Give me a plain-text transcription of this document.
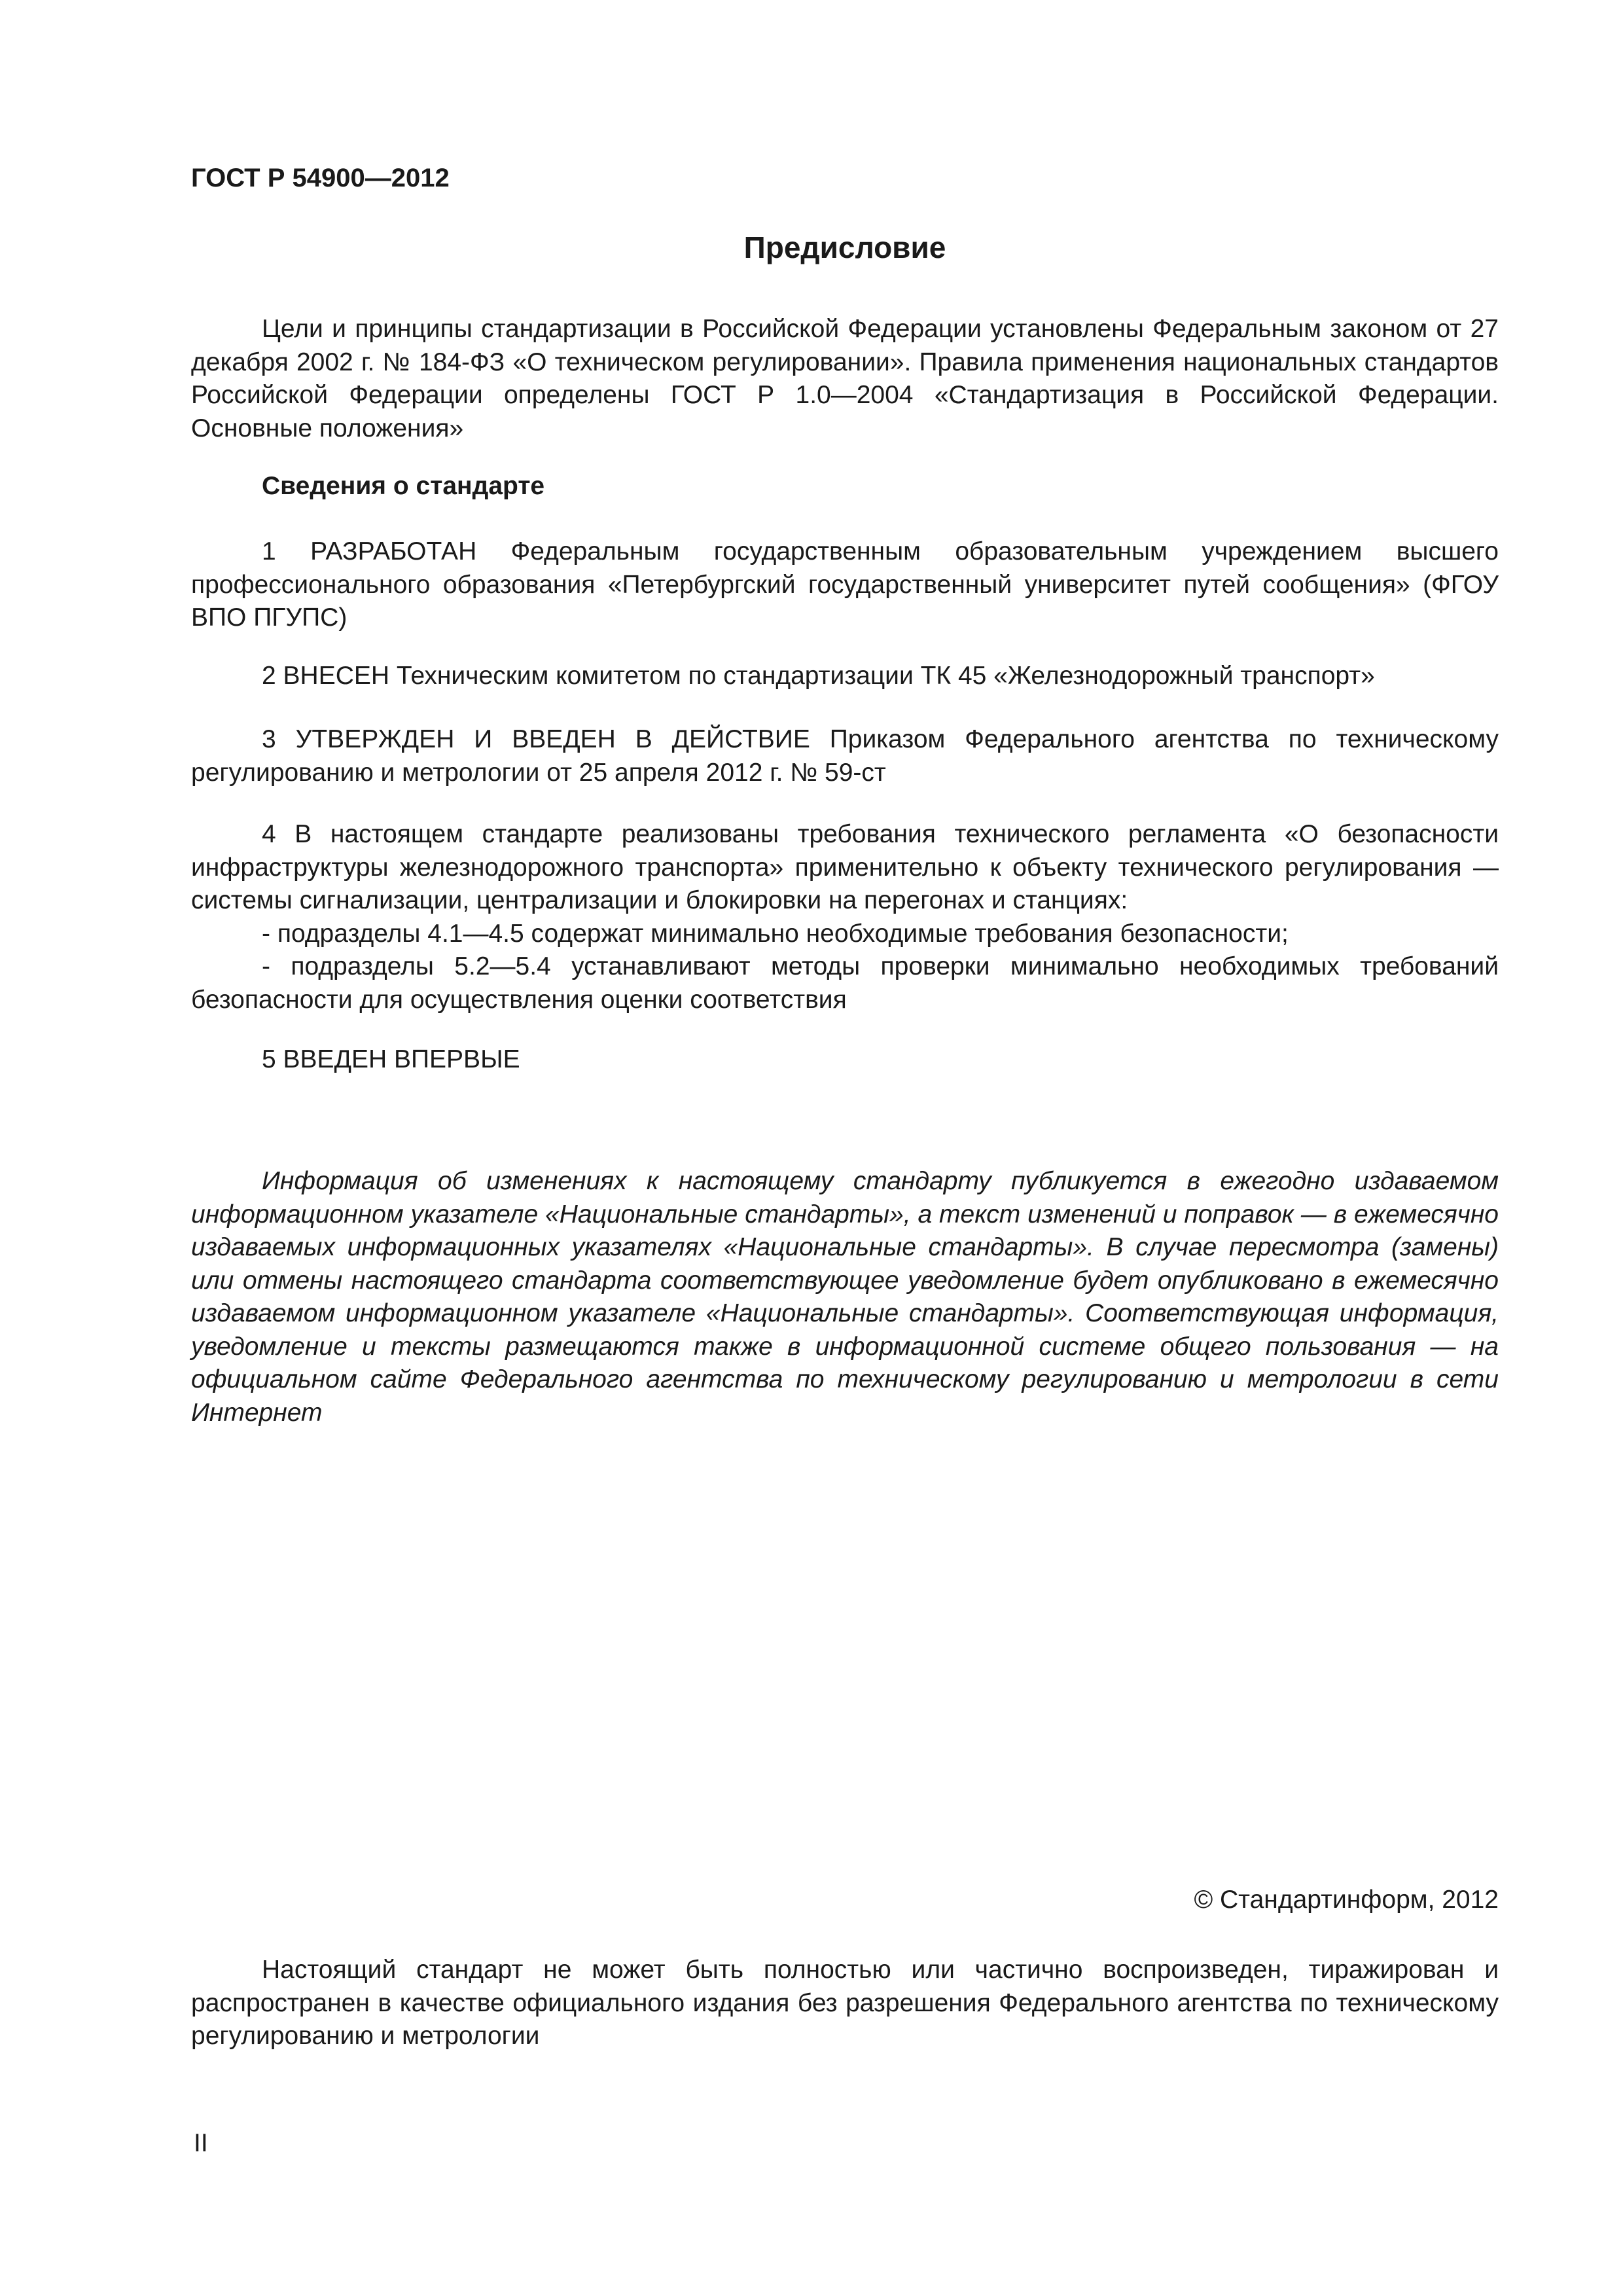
ГОСТ Р 54900—2012

Предисловие

Цели и принципы стандартизации в Российской Федерации установлены Федеральным законом от 27 декабря 2002 г. № 184-ФЗ «О техническом регулировании». Правила применения национальных стандартов Российской Федерации определены ГОСТ Р 1.0—2004 «Стандартизация в Российской Федерации. Основные положения»

Сведения о стандарте

1 РАЗРАБОТАН Федеральным государственным образовательным учреждением высшего профессионального образования «Петербургский государственный университет путей сообщения» (ФГОУ ВПО ПГУПС)

2 ВНЕСЕН Техническим комитетом по стандартизации ТК 45 «Железнодорожный транспорт»

3 УТВЕРЖДЕН И ВВЕДЕН В ДЕЙСТВИЕ Приказом Федерального агентства по техническому регулированию и метрологии от 25 апреля 2012 г. № 59-ст

4 В настоящем стандарте реализованы требования технического регламента «О безопасности инфраструктуры железнодорожного транспорта» применительно к объекту технического регулирования — системы сигнализации, централизации и блокировки на перегонах и станциях:

- подразделы 4.1—4.5 содержат минимально необходимые требования безопасности;

- подразделы 5.2—5.4 устанавливают методы проверки минимально необходимых требований безопасности для осуществления оценки соответствия

5 ВВЕДЕН ВПЕРВЫЕ

Информация об изменениях к настоящему стандарту публикуется в ежегодно издаваемом информационном указателе «Национальные стандарты», а текст изменений и поправок — в ежемесячно издаваемых информационных указателях «Национальные стандарты». В случае пересмотра (замены) или отмены настоящего стандарта соответствующее уведомление будет опубликовано в ежемесячно издаваемом информационном указателе «Национальные стандарты». Соответствующая информация, уведомление и тексты размещаются также в информационной системе общего пользования — на официальном сайте Федерального агентства по техническому регулированию и метрологии в сети Интернет

© Стандартинформ, 2012

Настоящий стандарт не может быть полностью или частично воспроизведен, тиражирован и распространен в качестве официального издания без разрешения Федерального агентства по техническому регулированию и метрологии

II
